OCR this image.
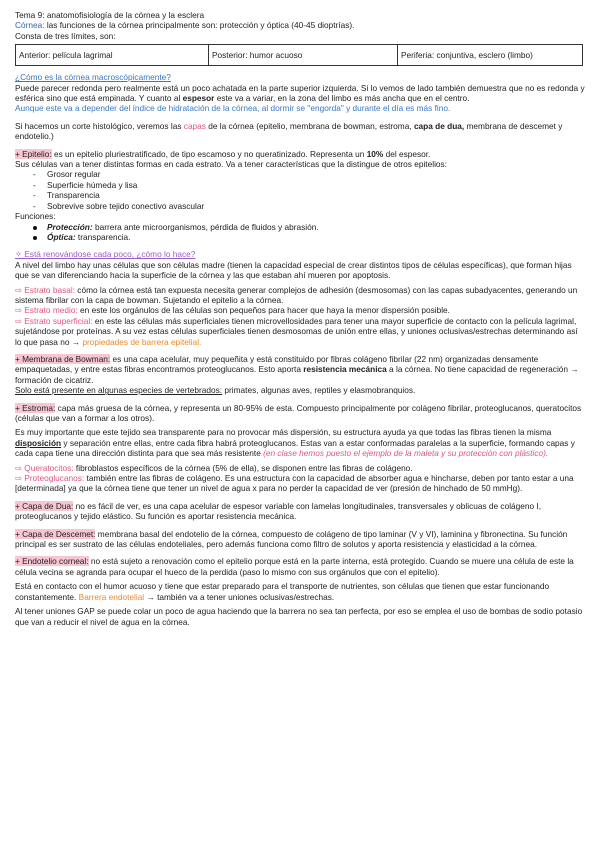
Tema 9: anatomofisiología de la córnea y la esclera

Córnea: las funciones de la córnea principalmente son: protección y óptica (40-45 dioptrías).

Consta de tres límites, son:

Anterior: película lagrimal	Posterior: humor acuoso	Periferia: conjuntiva, esclero (limbo)

¿Cómo es la córnea macroscópicamente?

Puede parecer redonda pero realmente está un poco achatada en la parte superior izquierda. Si lo vemos de lado también demuestra que no es redonda y esférica sino que está empinada. Y cuanto al espesor este va a variar, en la zona del limbo es más ancha que en el centro.

Aunque este va a depender del índice de hidratación de la córnea, al dormir se "engorda" y durante el día es más fino.

Si hacemos un corte histológico, veremos las capas de la córnea (epitelio, membrana de bowman, estroma, capa de dua, membrana de descemet y endotelio.)

+ Epitelio: es un epitelio pluriestratificado, de tipo escamoso y no queratinizado. Representa un 10% del espesor.

Sus células van a tener distintas formas en cada estrato. Va a tener características que la distingue de otros epitelios:

- Grosor regular
- Superficie húmeda y lisa
- Transparencia
- Sobrevive sobre tejido conectivo avascular

Funciones:

Protección: barrera ante microorganismos, pérdida de fluidos y abrasión.
Óptica: transparencia.

✧ Está renovándose cada poco, ¿cómo lo hace?

A nivel del limbo hay unas células que son células madre (tienen la capacidad especial de crear distintos tipos de células específicas), que forman hijas que se van diferenciando hacia la superficie de la córnea y las que estaban ahí mueren por apoptosis.

⇨ Estrato basal: cómo la córnea está tan expuesta necesita generar complejos de adhesión (desmosomas) con las capas subadyacentes, generando un sistema fibrilar con la capa de bowman. Sujetando el epitelio a la córnea.

⇨ Estrato medio: en este los orgánulos de las células son pequeños para hacer que haya la menor dispersión posible.

⇨ Estrato superficial: en este las células más superficiales tienen microvellosidades para tener una mayor superficie de contacto con la película lagrimal, sujetándose por proteínas. A su vez estas células superficiales tienen desmosomas de unión entre ellas, y uniones oclusivas/estrechas determinando así lo que pasa no → propiedades de barrera epitelial.

+ Membrana de Bowman: es una capa acelular, muy pequeñita y está constituido por fibras colágeno fibrilar (22 nm) organizadas densamente empaquetadas, y entre estas fibras encontramos proteoglucanos. Esto aporta resistencia mecánica a la córnea. No tiene capacidad de regeneración → formación de cicatriz.

Solo está presente en algunas especies de vertebrados: primates, algunas aves, reptiles y elasmobranquios.

+ Estroma: capa más gruesa de la córnea, y representa un 80-95% de esta. Compuesto principalmente por colágeno fibrilar, proteoglucanos, queratocitos (células que van a formar a los otros).

Es muy importante que este tejido sea transparente para no provocar más dispersión, su estructura ayuda ya que todas las fibras tienen la misma disposición y separación entre ellas, entre cada fibra habrá proteoglucanos. Estas van a estar conformadas paralelas a la superficie, formando capas y cada capa tiene una dirección distinta para que sea más resistente (en clase hemos puesto el ejemplo de la maleta y su protección con plástico).

⇨ Queratocitos: fibroblastos específicos de la córnea (5% de ella), se disponen entre las fibras de colágeno.

⇨ Proteoglucanos: también entre las fibras de colágeno. Es una estructura con la capacidad de absorber agua e hincharse, deben por tanto estar a una [determinada] ya que la córnea tiene que tener un nivel de agua x para no perder la capacidad de ver (presión de hinchado de 50 mmHg).

+ Capa de Dua: no es fácil de ver, es una capa acelular de espesor variable con lamelas longitudinales, transversales y oblicuas de colágeno I, proteoglucanos y tejido elástico. Su función es aportar resistencia mecánica.

+ Capa de Descemet: membrana basal del endotelio de la córnea, compuesto de colágeno de tipo laminar (V y VI), laminina y fibronectina. Su función principal es ser sustrato de las células endoteliales, pero además funciona como filtro de solutos y aporta resistencia y elasticidad a la córnea.

+ Endotelio corneal: no está sujeto a renovación como el epitelio porque está en la parte interna, está protegido. Cuando se muere una célula de este la célula vecina se agranda para ocupar el hueco de la perdida (paso lo mismo con sus orgánulos que con el epitelio).

Está en contacto con el humor acuoso y tiene que estar preparado para el transporte de nutrientes, son células que tienen que estar funcionando constantemente. Barrera endotelial → también va a tener uniones oclusivas/estrechas.

Al tener uniones GAP se puede colar un poco de agua haciendo que la barrera no sea tan perfecta, por eso se emplea el uso de bombas de sodio potasio que van a reducir el nivel de agua en la córnea.
